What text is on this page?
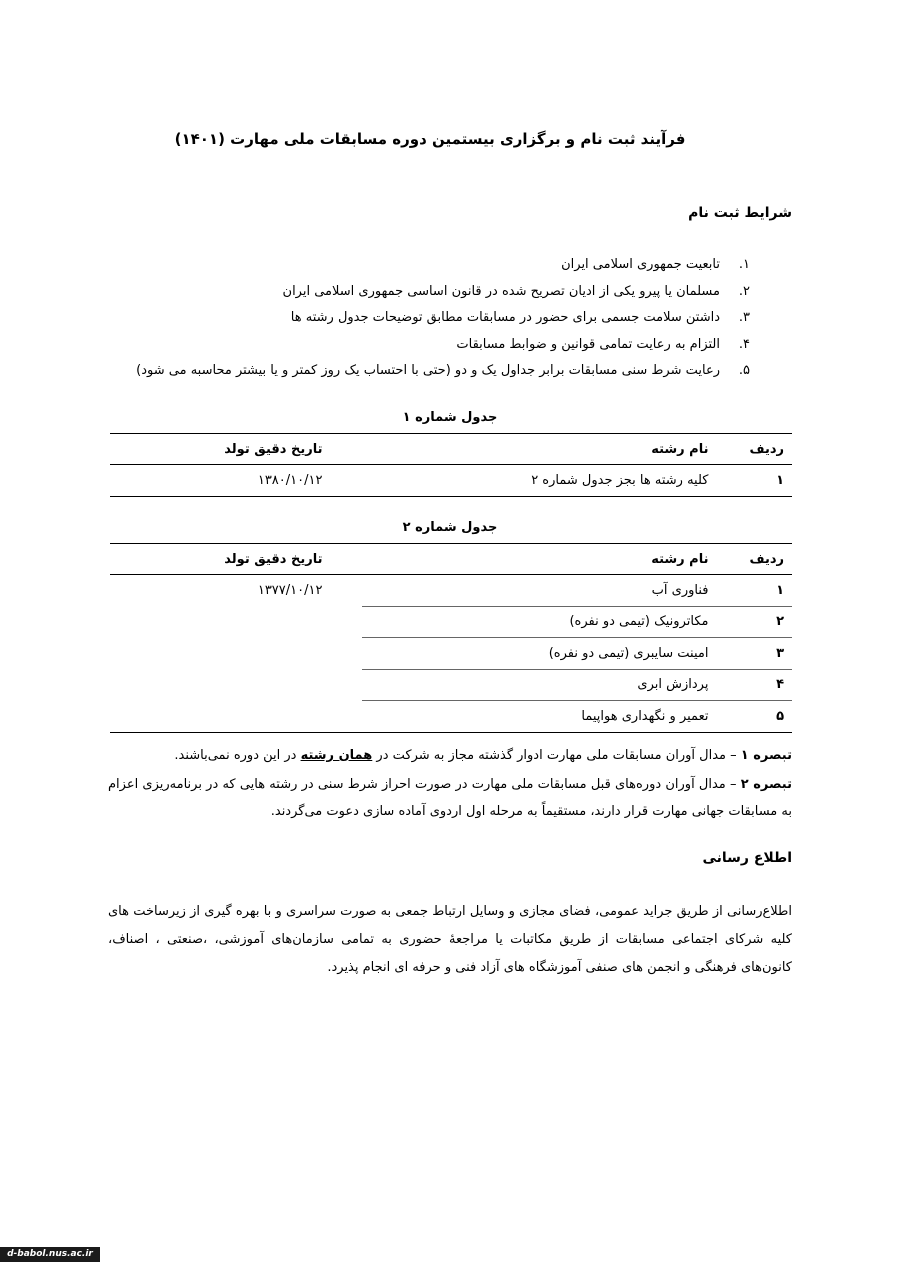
فرآیند ثبت نام و برگزاری بیستمین دوره مسابقات ملی مهارت (۱۴۰۱)
شرایط ثبت نام
۱.تابعیت جمهوری اسلامی ایران
۲.مسلمان یا پیرو یکی از ادیان تصریح شده در قانون اساسی جمهوری اسلامی ایران
۳.داشتن سلامت جسمی برای حضور در مسابقات مطابق توضیحات جدول رشته ها
۴.التزام به رعایت تمامی قوانین و ضوابط مسابقات
۵.رعایت شرط سنی مسابقات برابر جداول یک و دو (حتی با احتساب یک روز کمتر و یا بیشتر محاسبه می شود)
جدول شماره ۱
ردیف	نام رشته	تاریخ دقیق تولد
۱	کلیه رشته ها بجز جدول شماره ۲	۱۳۸۰/۱۰/۱۲
جدول شماره ۲
ردیف	نام رشته	تاریخ دقیق تولد
۱	فناوری آب	۱۳۷۷/۱۰/۱۲
۲	مکاترونیک (تیمی دو نفره)	
۳	امینت سایبری (تیمی دو نفره)	
۴	پردازش ابری	
۵	تعمیر و نگهداری هواپیما	
تبصره ۱ – مدال آوران مسابقات ملی مهارت ادوار گذشته مجاز به شرکت در همان رشته در این دوره نمی‌باشند.
تبصره ۲ – مدال آوران دوره‌های قبل مسابقات ملی مهارت در صورت احراز شرط سنی در رشته هایی که در برنامه‌ریزی اعزام به مسابقات جهانی مهارت قرار دارند، مستقیماً به مرحله اول اردوی آماده سازی دعوت می‌گردند.
اطلاع رسانی
اطلاع‌رسانی از طریق جراید عمومی، فضای مجازی و وسایل ارتباط جمعی به صورت سراسری و با بهره گیری از زیرساخت های کلیه شرکای اجتماعی مسابقات از طریق مکاتبات یا مراجعهٔ حضوری به تمامی سازمان‌های آموزشی، ،صنعتی ، اصناف، کانون‌های فرهنگی و انجمن های صنفی آموزشگاه های آزاد فنی و حرفه ای انجام پذیرد.
d-babol.nus.ac.ir
